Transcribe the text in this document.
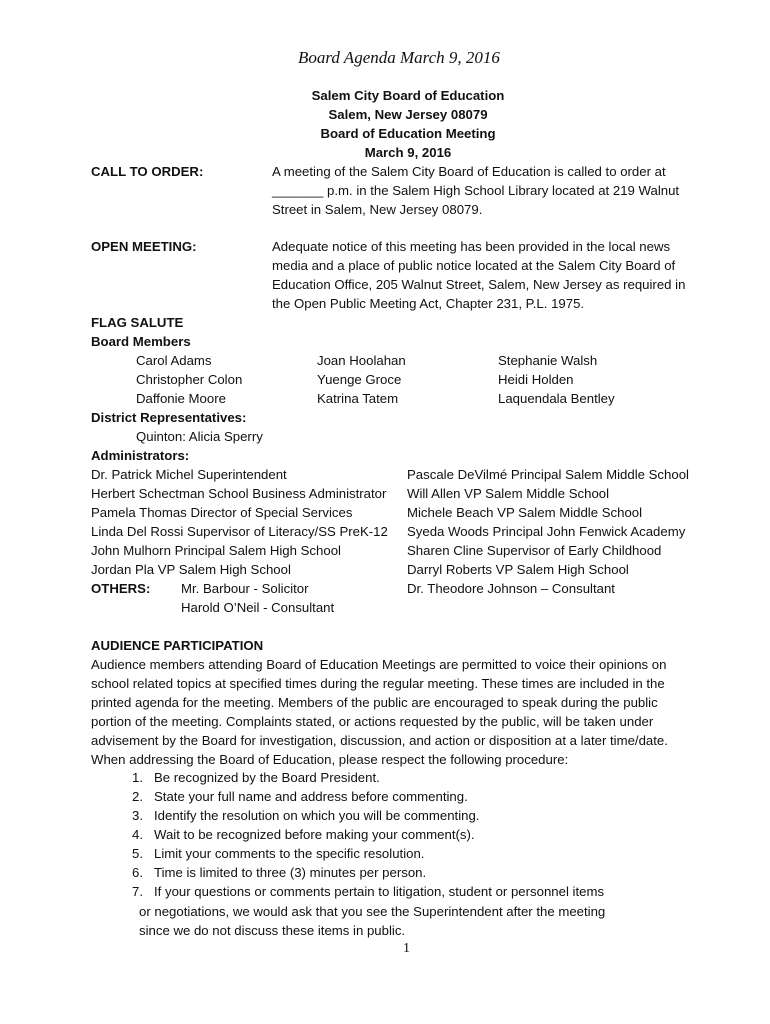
Board Agenda March 9, 2016
Salem City Board of Education
Salem, New Jersey 08079
Board of Education Meeting
March 9, 2016
CALL TO ORDER:	A meeting of the Salem City Board of Education is called to order at
_______ p.m. in the Salem High School Library located at 219 Walnut
Street in Salem, New Jersey 08079.
OPEN MEETING:	Adequate notice of this meeting has been provided in the local news
media and a place of public notice located at the Salem City Board of
Education Office, 205 Walnut Street, Salem, New Jersey as required in
the Open Public Meeting Act, Chapter 231, P.L. 1975.
FLAG SALUTE
Board Members
Carol Adams
Christopher Colon
Daffonie Moore
Joan Hoolahan
Yuenge Groce
Katrina Tatem
Stephanie Walsh
Heidi Holden
Laquendala Bentley
District Representatives:
Quinton: Alicia Sperry
Administrators:
Dr. Patrick Michel Superintendent
Herbert Schectman School Business Administrator
Pamela Thomas Director of Special Services
Linda Del Rossi Supervisor of Literacy/SS PreK-12
John Mulhorn Principal Salem High School
Jordan Pla VP Salem High School
Pascale DeVilmé Principal Salem Middle School
Will Allen VP Salem Middle School
Michele Beach VP Salem Middle School
Syeda Woods Principal John Fenwick Academy
Sharen Cline Supervisor of Early Childhood
Darryl Roberts VP Salem High School
Dr. Theodore Johnson – Consultant
OTHERS: Mr. Barbour - Solicitor
Harold O’Neil - Consultant
AUDIENCE PARTICIPATION
Audience members attending Board of Education Meetings are permitted to voice their opinions on
school related topics at specified times during the regular meeting. These times are included in the
printed agenda for the meeting. Members of the public are encouraged to speak during the public
portion of the meeting. Complaints stated, or actions requested by the public, will be taken under
advisement by the Board for investigation, discussion, and action or disposition at a later time/date.
When addressing the Board of Education, please respect the following procedure:
1. Be recognized by the Board President.
2. State your full name and address before commenting.
3. Identify the resolution on which you will be commenting.
4. Wait to be recognized before making your comment(s).
5. Limit your comments to the specific resolution.
6. Time is limited to three (3) minutes per person.
7. If your questions or comments pertain to litigation, student or personnel items
or negotiations, we would ask that you see the Superintendent after the meeting
since we do not discuss these items in public.
1
